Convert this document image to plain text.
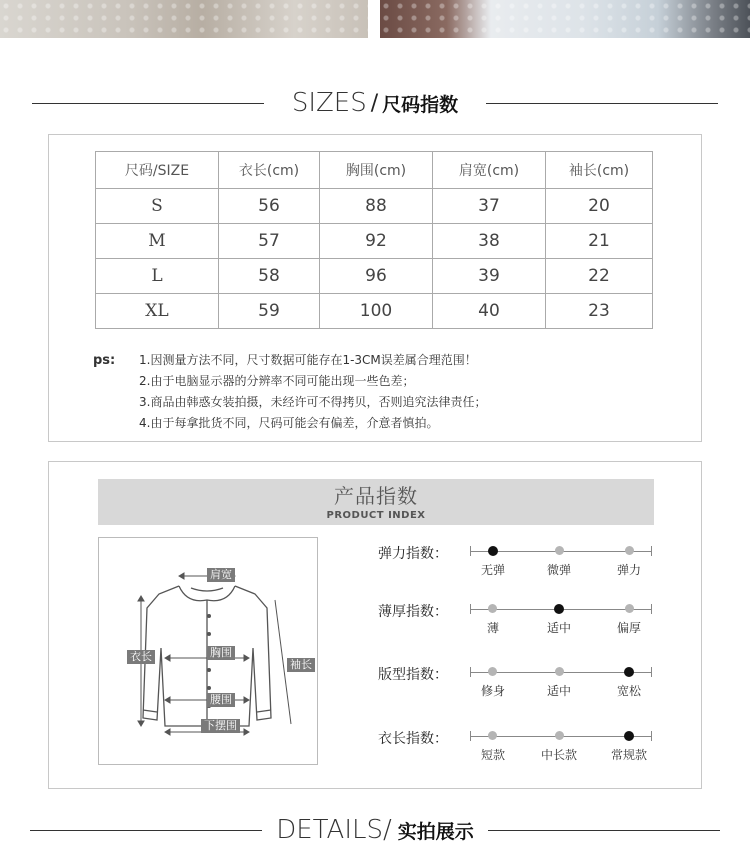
SIZES / 尺码指数
尺码/SIZE	衣长(cm)	胸围(cm)	肩宽(cm)	袖长(cm)
S	56	88	37	20
M	57	92	38	21
L	58	96	39	22
XL	59	100	40	23
ps: 1.因测量方法不同，尺寸数据可能存在1-3CM误差属合理范围！
2.由于电脑显示器的分辨率不同可能出现一些色差；
3.商品由韩惑女装拍摄，未经许可不得拷贝，否则追究法律责任；
4.由于每拿批货不同，尺码可能会有偏差，介意者慎拍。
产品指数
PRODUCT INDEX
肩宽
衣长	胸围
袖长
腰围
下摆围
弹力指数：
无弹	微弹	弹力
薄厚指数：
薄	适中	偏厚
版型指数：
修身	适中	宽松
衣长指数：
短款	中长款	常规款
DETAILS/ 实拍展示
